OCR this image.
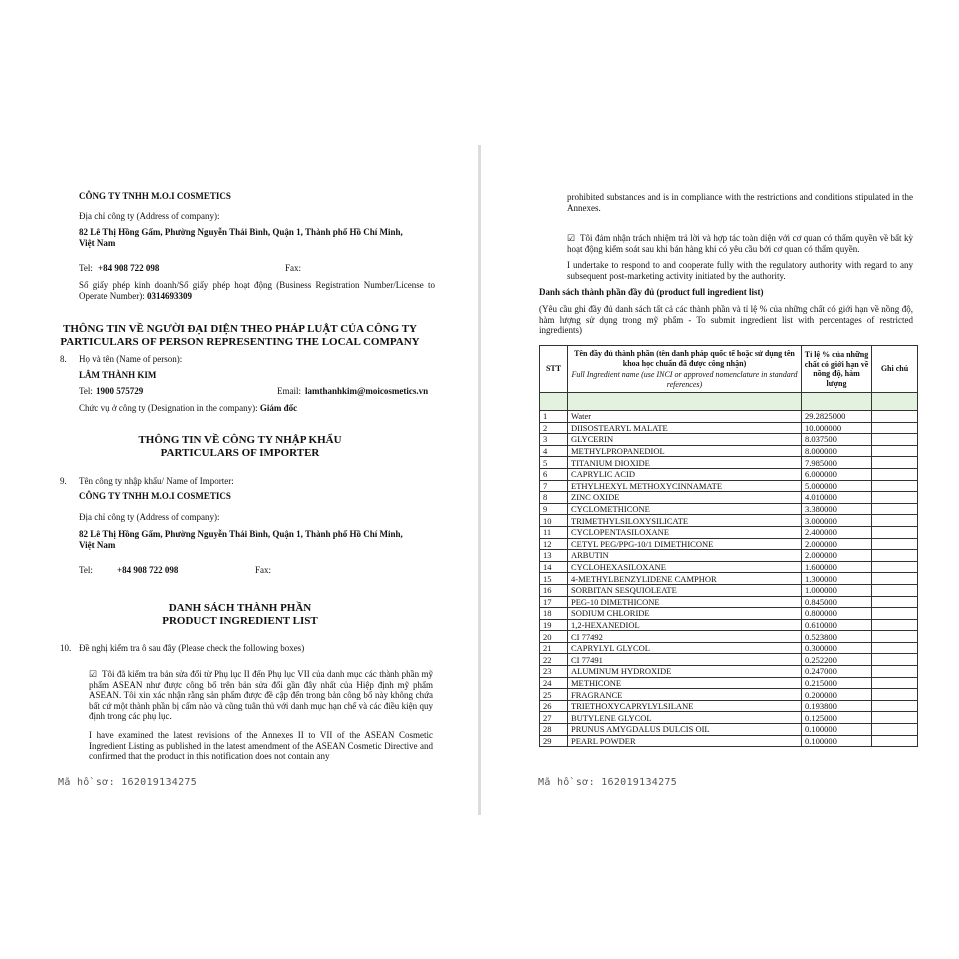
CÔNG TY TNHH M.O.I COSMETICS
Địa chỉ công ty (Address of company):
82 Lê Thị Hồng Gấm, Phường Nguyễn Thái Bình, Quận 1, Thành phố Hồ Chí Minh,
Việt Nam
Tel: +84 908 722 098	Fax:
Số giấy phép kinh doanh/Số giấy phép hoạt động (Business Registration Number/License to Operate Number): 0314693309
THÔNG TIN VỀ NGƯỜI ĐẠI DIỆN THEO PHÁP LUẬT CỦA CÔNG TY
PARTICULARS OF PERSON REPRESENTING THE LOCAL COMPANY
8. Họ và tên (Name of person):
LÂM THÀNH KIM
Tel: 1900 575729	Email: lamthanhkim@moicosmetics.vn
Chức vụ ở công ty (Designation in the company): Giám đốc
THÔNG TIN VỀ CÔNG TY NHẬP KHẨU
PARTICULARS OF IMPORTER
9. Tên công ty nhập khẩu/ Name of Importer:
CÔNG TY TNHH M.O.I COSMETICS
Địa chỉ công ty (Address of company):
82 Lê Thị Hồng Gấm, Phường Nguyễn Thái Bình, Quận 1, Thành phố Hồ Chí Minh,
Việt Nam
Tel:	+84 908 722 098	Fax:
DANH SÁCH THÀNH PHẦN
PRODUCT INGREDIENT LIST
10. Đề nghị kiểm tra ô sau đây (Please check the following boxes)
☑ Tôi đã kiểm tra bản sửa đổi từ Phụ lục II đến Phụ lục VII của danh mục các thành phần mỹ phẩm ASEAN như được công bố trên bản sửa đổi gần đây nhất của Hiệp định mỹ phẩm ASEAN. Tôi xin xác nhận rằng sản phẩm được đề cập đến trong bản công bố này không chứa bất cứ một thành phần bị cấm nào và cũng tuân thủ với danh mục hạn chế và các điều kiện quy định trong các phụ lục.
I have examined the latest revisions of the Annexes II to VII of the ASEAN Cosmetic Ingredient Listing as published in the latest amendment of the ASEAN Cosmetic Directive and confirmed that the product in this notification does not contain any
Mã hồ sơ: 162019134275
prohibited substances and is in compliance with the restrictions and conditions stipulated in the Annexes.
☑ Tôi đảm nhận trách nhiệm trả lời và hợp tác toàn diện với cơ quan có thẩm quyền về bất kỳ hoạt động kiểm soát sau khi bán hàng khi có yêu cầu bởi cơ quan có thẩm quyền.
I undertake to respond to and cooperate fully with the regulatory authority with regard to any subsequent post-marketing activity initiated by the authority.
Danh sách thành phần đầy đủ (product full ingredient list)
(Yêu cầu ghi đầy đủ danh sách tất cả các thành phần và tỉ lệ % của những chất có giới hạn về nồng độ, hàm lượng sử dụng trong mỹ phẩm - To submit ingredient list with percentages of restricted ingredients)
STT	Tên đầy đủ thành phần (tên danh pháp quốc tế hoặc sử dụng tên khoa học chuẩn đã được công nhận)
Full Ingredient name (use INCI or approved nomenclature in standard references)	Tỉ lệ % của những chất có giới hạn về nồng độ, hàm lượng	Ghi chú

1	Water	29.2825000	
2	DIISOSTEARYL MALATE	10.000000	
3	GLYCERIN	8.037500	
4	METHYLPROPANEDIOL	8.000000	
5	TITANIUM DIOXIDE	7.985000	
6	CAPRYLIC ACID	6.000000	
7	ETHYLHEXYL METHOXYCINNAMATE	5.000000	
8	ZINC OXIDE	4.010000	
9	CYCLOMETHICONE	3.380000	
10	TRIMETHYLSILOXYSILICATE	3.000000	
11	CYCLOPENTASILOXANE	2.400000	
12	CETYL PEG/PPG-10/1 DIMETHICONE	2.000000	
13	ARBUTIN	2.000000	
14	CYCLOHEXASILOXANE	1.600000	
15	4-METHYLBENZYLIDENE CAMPHOR	1.300000	
16	SORBITAN SESQUIOLEATE	1.000000	
17	PEG-10 DIMETHICONE	0.845000	
18	SODIUM CHLORIDE	0.800000	
19	1,2-HEXANEDIOL	0.610000	
20	CI 77492	0.523800	
21	CAPRYLYL GLYCOL	0.300000	
22	CI 77491	0.252200	
23	ALUMINUM HYDROXIDE	0.247000	
24	METHICONE	0.215000	
25	FRAGRANCE	0.200000	
26	TRIETHOXYCAPRYLYLSILANE	0.193800	
27	BUTYLENE GLYCOL	0.125000	
28	PRUNUS AMYGDALUS DULCIS OIL	0.100000	
29	PEARL POWDER	0.100000	
Mã hồ sơ: 162019134275
